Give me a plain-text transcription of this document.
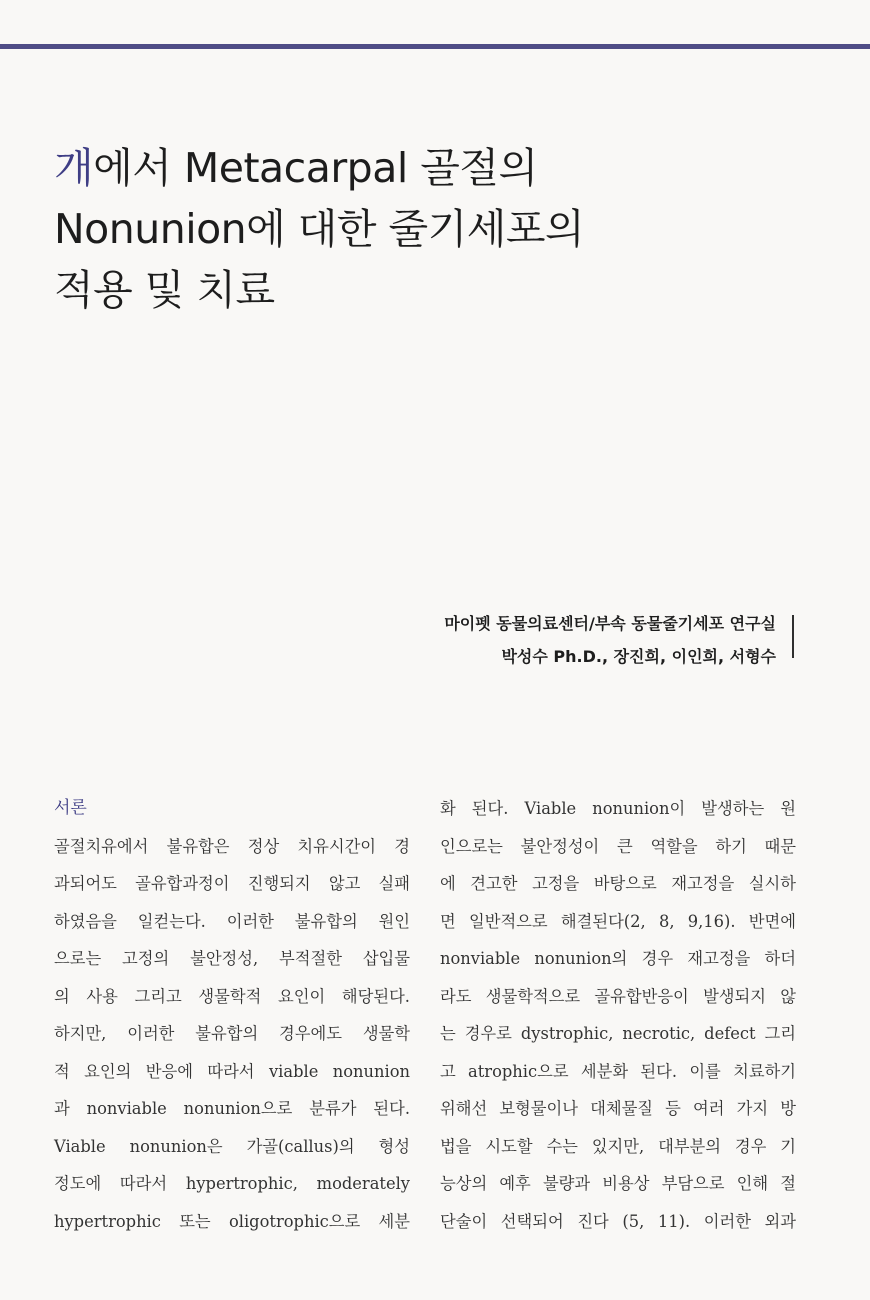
개에서 Metacarpal 골절의
Nonunion에 대한 줄기세포의
적용 및 치료
마이펫 동물의료센터/부속 동물줄기세포 연구실
박성수 Ph.D., 장진희, 이인희, 서형수
서론
골절치유에서 불유합은 정상 치유시간이 경
과되어도 골유합과정이 진행되지 않고 실패
하였음을 일컫는다. 이러한 불유합의 원인
으로는 고정의 불안정성, 부적절한 삽입물
의 사용 그리고 생물학적 요인이 해당된다.
하지만, 이러한 불유합의 경우에도 생물학
적 요인의 반응에 따라서 viable nonunion
과 nonviable nonunion으로 분류가 된다.
Viable nonunion은 가골(callus)의 형성
정도에 따라서 hypertrophic, moderately
hypertrophic 또는 oligotrophic으로 세분
화 된다. Viable nonunion이 발생하는 원
인으로는 불안정성이 큰 역할을 하기 때문
에 견고한 고정을 바탕으로 재고정을 실시하
면 일반적으로 해결된다(2, 8, 9,16). 반면에
nonviable nonunion의 경우 재고정을 하더
라도 생물학적으로 골유합반응이 발생되지 않
는 경우로 dystrophic, necrotic, defect 그리
고 atrophic으로 세분화 된다. 이를 치료하기
위해선 보형물이나 대체물질 등 여러 가지 방
법을 시도할 수는 있지만, 대부분의 경우 기
능상의 예후 불량과 비용상 부담으로 인해 절
단술이 선택되어 진다 (5, 11). 이러한 외과
